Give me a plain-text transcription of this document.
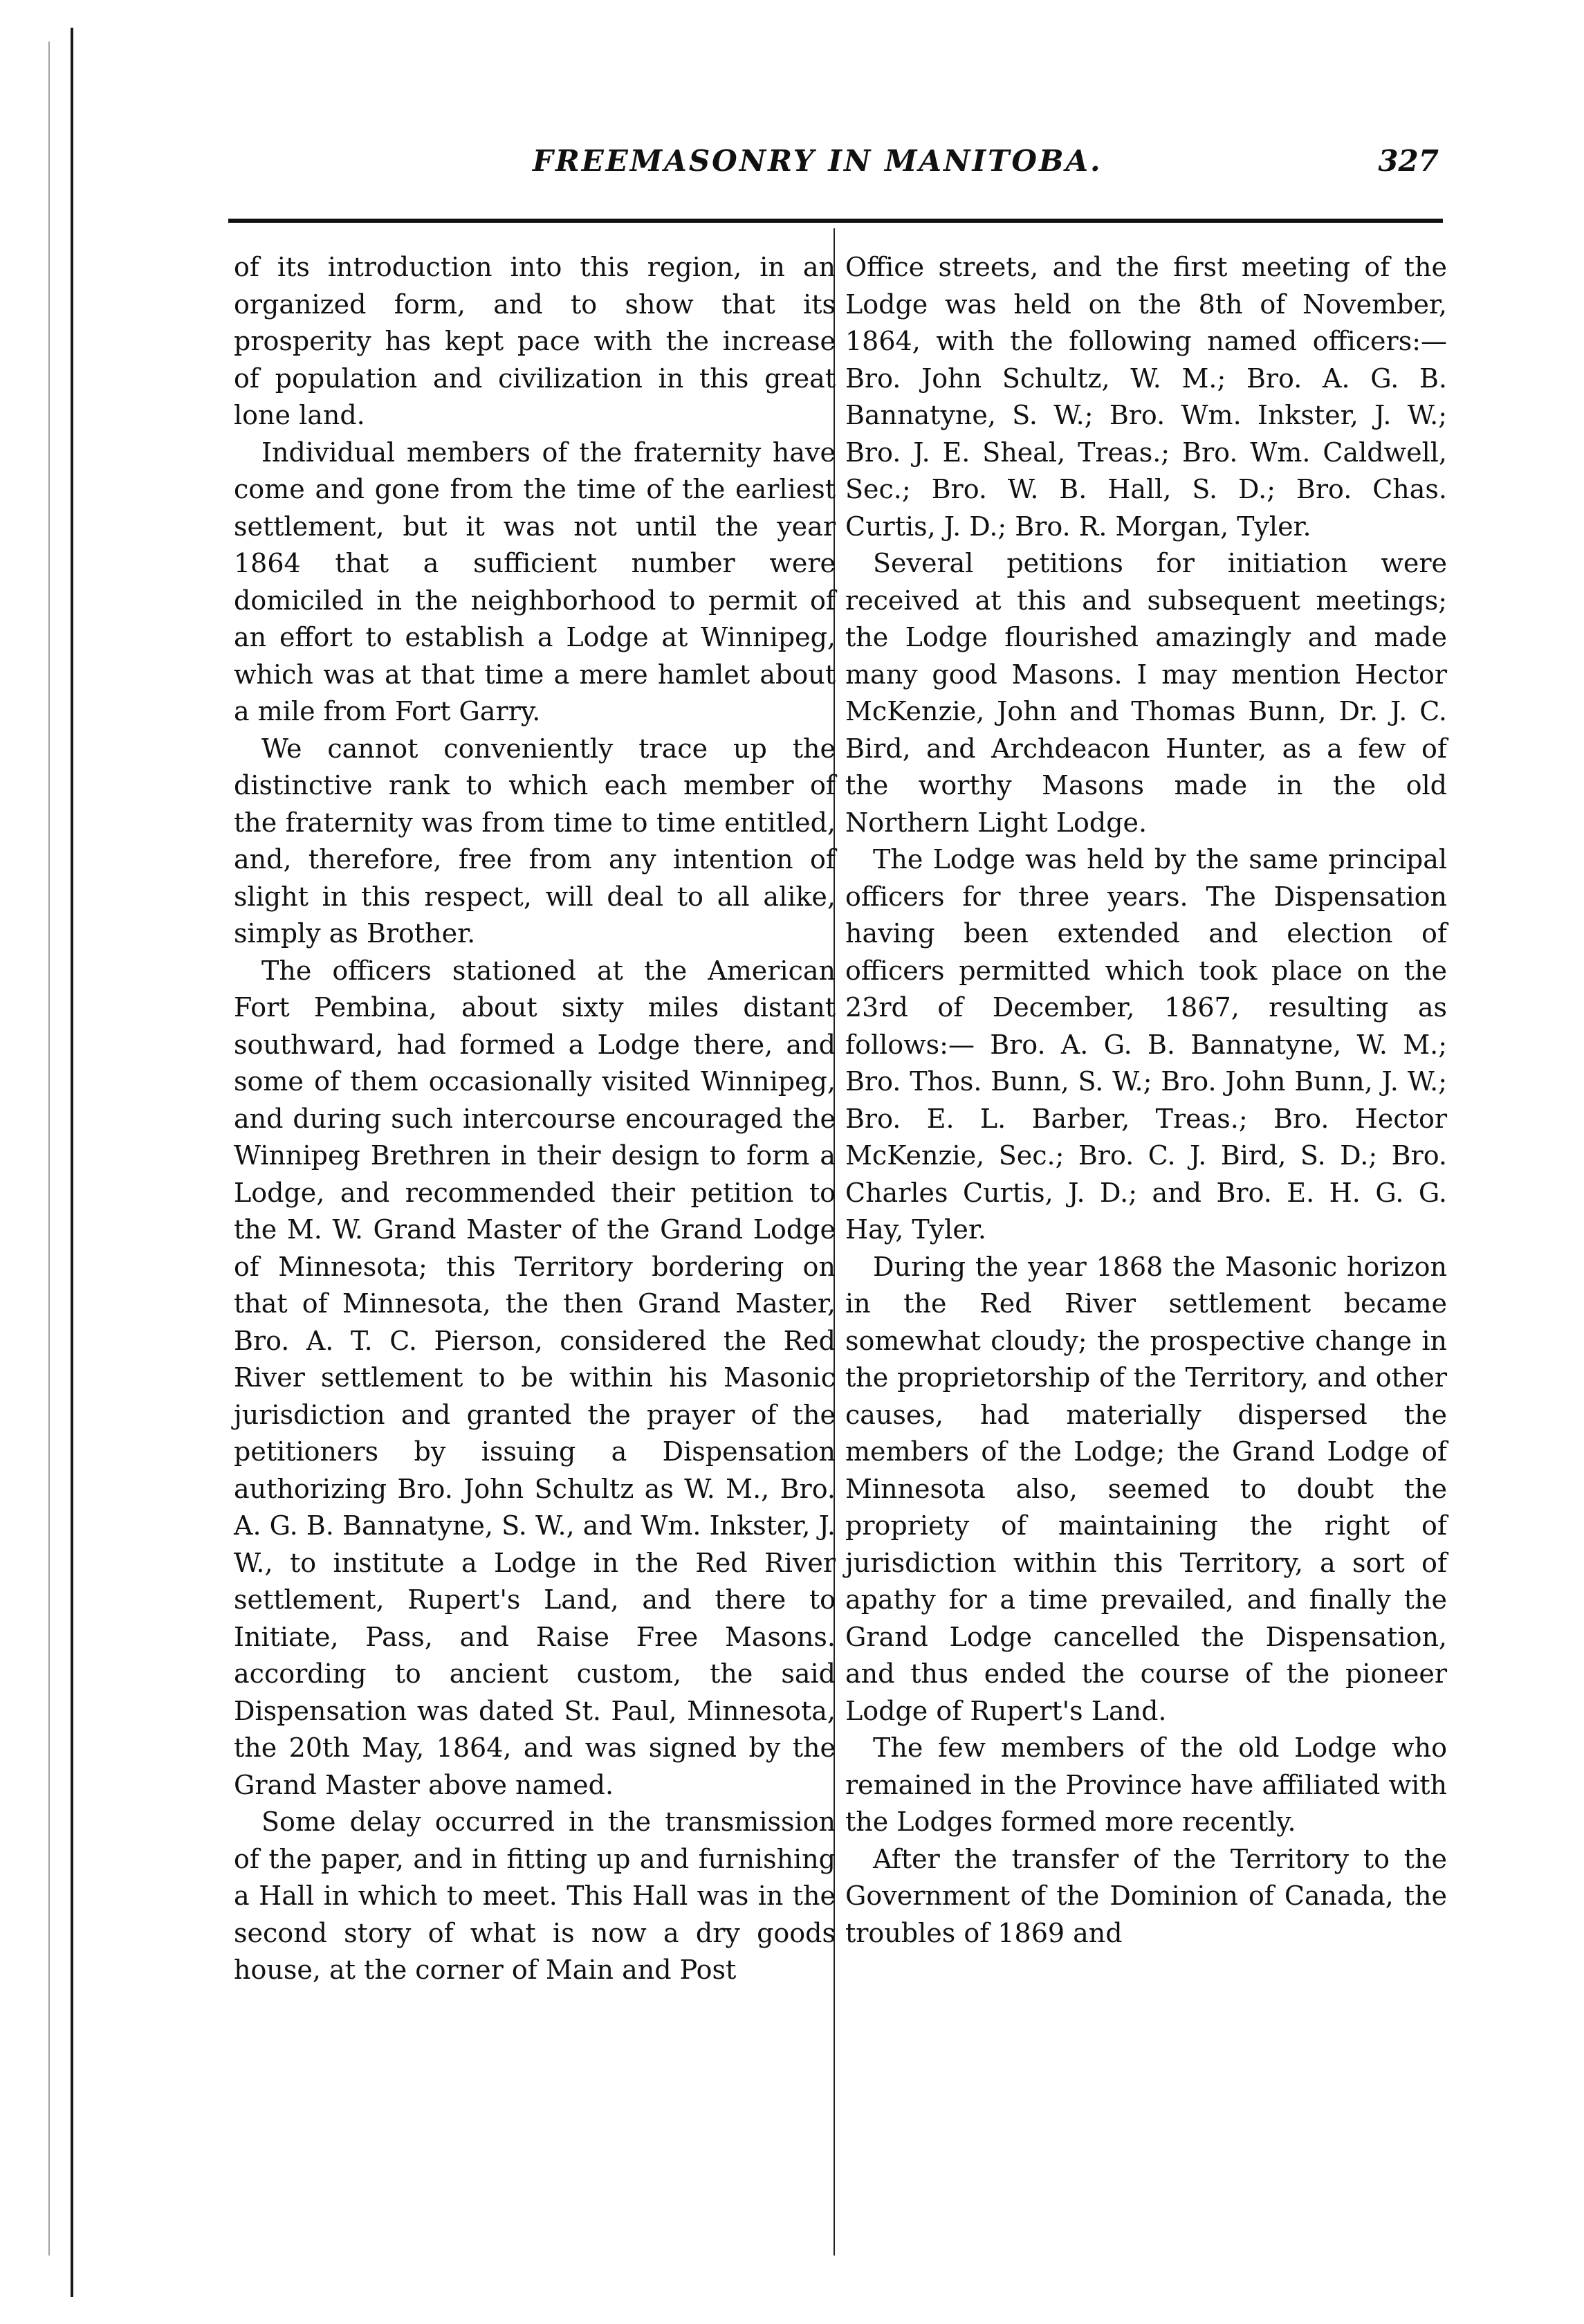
FREEMASONRY IN MANITOBA.	327

of its introduction into this region, in an organized form, and to show that its prosperity has kept pace with the increase of population and civilization in this great lone land.

Individual members of the fraternity have come and gone from the time of the earliest settlement, but it was not until the year 1864 that a sufficient number were domiciled in the neighborhood to permit of an effort to establish a Lodge at Winnipeg, which was at that time a mere hamlet about a mile from Fort Garry.

We cannot conveniently trace up the distinctive rank to which each member of the fraternity was from time to time entitled, and, therefore, free from any intention of slight in this respect, will deal to all alike, simply as Brother.

The officers stationed at the American Fort Pembina, about sixty miles distant southward, had formed a Lodge there, and some of them occasionally visited Winnipeg, and during such intercourse encouraged the Winnipeg Brethren in their design to form a Lodge, and recommended their petition to the M. W. Grand Master of the Grand Lodge of Minnesota; this Territory bordering on that of Minnesota, the then Grand Master, Bro. A. T. C. Pierson, considered the Red River settlement to be within his Masonic jurisdiction and granted the prayer of the petitioners by issuing a Dispensation authorizing Bro. John Schultz as W. M., Bro. A. G. B. Bannatyne, S. W., and Wm. Inkster, J. W., to institute a Lodge in the Red River settlement, Rupert's Land, and there to Initiate, Pass, and Raise Free Masons. according to ancient custom, the said Dispensation was dated St. Paul, Minnesota, the 20th May, 1864, and was signed by the Grand Master above named.

Some delay occurred in the transmission of the paper, and in fitting up and furnishing a Hall in which to meet. This Hall was in the second story of what is now a dry goods house, at the corner of Main and Post

Office streets, and the first meeting of the Lodge was held on the 8th of November, 1864, with the following named officers:—Bro. John Schultz, W. M.; Bro. A. G. B. Bannatyne, S. W.; Bro. Wm. Inkster, J. W.; Bro. J. E. Sheal, Treas.; Bro. Wm. Caldwell, Sec.; Bro. W. B. Hall, S. D.; Bro. Chas. Curtis, J. D.; Bro. R. Morgan, Tyler.

Several petitions for initiation were received at this and subsequent meetings; the Lodge flourished amazingly and made many good Masons. I may mention Hector McKenzie, John and Thomas Bunn, Dr. J. C. Bird, and Archdeacon Hunter, as a few of the worthy Masons made in the old Northern Light Lodge.

The Lodge was held by the same principal officers for three years. The Dispensation having been extended and election of officers permitted which took place on the 23rd of December, 1867, resulting as follows:— Bro. A. G. B. Bannatyne, W. M.; Bro. Thos. Bunn, S. W.; Bro. John Bunn, J. W.; Bro. E. L. Barber, Treas.; Bro. Hector McKenzie, Sec.; Bro. C. J. Bird, S. D.; Bro. Charles Curtis, J. D.; and Bro. E. H. G. G. Hay, Tyler.

During the year 1868 the Masonic horizon in the Red River settlement became somewhat cloudy; the prospective change in the proprietorship of the Territory, and other causes, had materially dispersed the members of the Lodge; the Grand Lodge of Minnesota also, seemed to doubt the propriety of maintaining the right of jurisdiction within this Territory, a sort of apathy for a time prevailed, and finally the Grand Lodge cancelled the Dispensation, and thus ended the course of the pioneer Lodge of Rupert's Land.

The few members of the old Lodge who remained in the Province have affiliated with the Lodges formed more recently.

After the transfer of the Territory to the Government of the Dominion of Canada, the troubles of 1869 and
